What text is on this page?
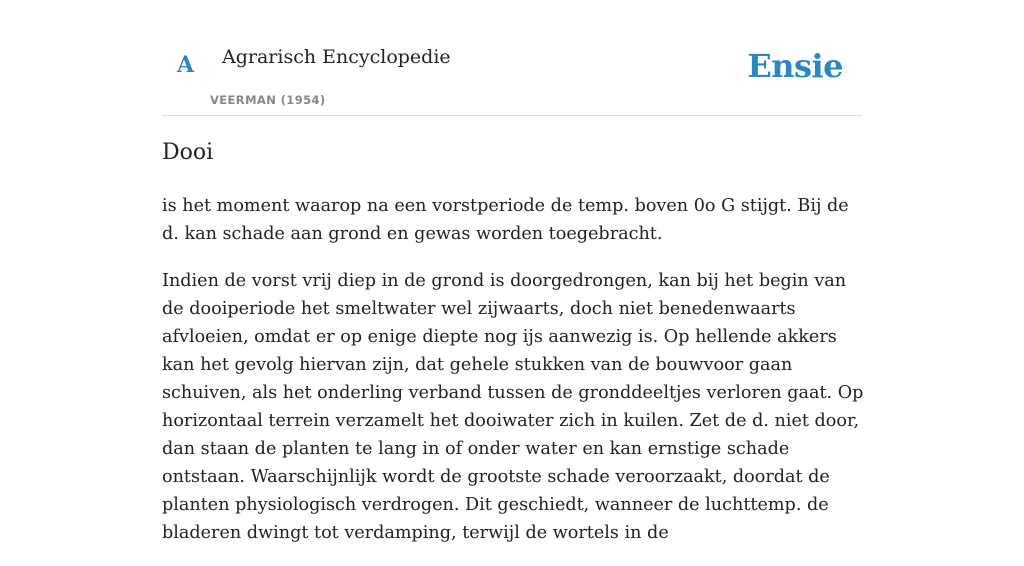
A Agrarisch Encyclopedie
VEERMAN (1954)
Ensie
Dooi

is het moment waarop na een vorstperiode de temp. boven 0o G stijgt. Bij de d. kan schade aan grond en gewas worden toegebracht.

Indien de vorst vrij diep in de grond is doorgedrongen, kan bij het begin van de dooiperiode het smeltwater wel zijwaarts, doch niet benedenwaarts afvloeien, omdat er op enige diepte nog ijs aanwezig is. Op hellende akkers kan het gevolg hiervan zijn, dat gehele stukken van de bouwvoor gaan schuiven, als het onderling verband tussen de gronddeeltjes verloren gaat. Op horizontaal terrein verzamelt het dooiwater zich in kuilen. Zet de d. niet door, dan staan de planten te lang in of onder water en kan ernstige schade ontstaan. Waarschijnlijk wordt de grootste schade veroorzaakt, doordat de planten physiologisch verdrogen. Dit geschiedt, wanneer de luchttemp. de bladeren dwingt tot verdamping, terwijl de wortels in de
